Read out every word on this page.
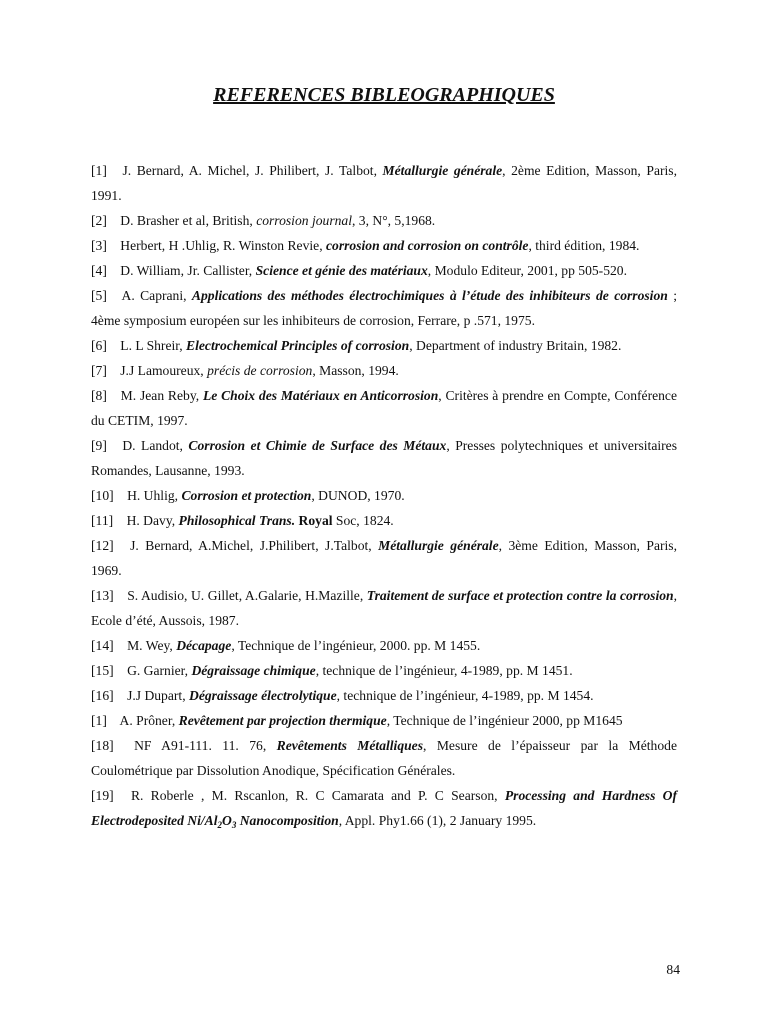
REFERENCES BIBLEOGRAPHIQUES

[1] J. Bernard, A. Michel, J. Philibert, J. Talbot, Métallurgie générale, 2ème Edition, Masson, Paris, 1991.

[2] D. Brasher et al, British, corrosion journal, 3, N°, 5,1968.

[3] Herbert, H .Uhlig, R. Winston Revie, corrosion and corrosion on contrôle, third édition, 1984.

[4] D. William, Jr. Callister, Science et génie des matériaux, Modulo Editeur, 2001, pp 505-520.

[5] A. Caprani, Applications des méthodes électrochimiques à l’étude des inhibiteurs de corrosion ; 4ème symposium européen sur les inhibiteurs de corrosion, Ferrare, p .571, 1975.

[6] L. L Shreir, Electrochemical Principles of corrosion, Department of industry Britain, 1982.

[7] J.J Lamoureux, précis de corrosion, Masson, 1994.

[8] M. Jean Reby, Le Choix des Matériaux en Anticorrosion, Critères à prendre en Compte, Conférence du CETIM, 1997.

[9] D. Landot, Corrosion et Chimie de Surface des Métaux, Presses polytechniques et universitaires Romandes, Lausanne, 1993.

[10] H. Uhlig, Corrosion et protection, DUNOD, 1970.

[11] H. Davy, Philosophical Trans. Royal Soc, 1824.

[12] J. Bernard, A.Michel, J.Philibert, J.Talbot, Métallurgie générale, 3ème Edition, Masson, Paris, 1969.

[13] S. Audisio, U. Gillet, A.Galarie, H.Mazille, Traitement de surface et protection contre la corrosion, Ecole d’été, Aussois, 1987.

[14] M. Wey, Décapage, Technique de l’ingénieur, 2000. pp. M 1455.

[15] G. Garnier, Dégraissage chimique, technique de l’ingénieur, 4-1989, pp. M 1451.

[16] J.J Dupart, Dégraissage électrolytique, technique de l’ingénieur, 4-1989, pp. M 1454.

[1] A. Prôner, Revêtement par projection thermique, Technique de l’ingénieur 2000, pp M1645

[18] NF A91-111. 11. 76, Revêtements Métalliques, Mesure de l’épaisseur par la Méthode Coulométrique par Dissolution Anodique, Spécification Générales.

[19] R. Roberle , M. Rscanlon, R. C Camarata and P. C Searson, Processing and Hardness Of Electrodeposited $Ni/Al_2O_3$ Nanocomposition, Appl. Phy1.66 (1), 2 January 1995.

84
